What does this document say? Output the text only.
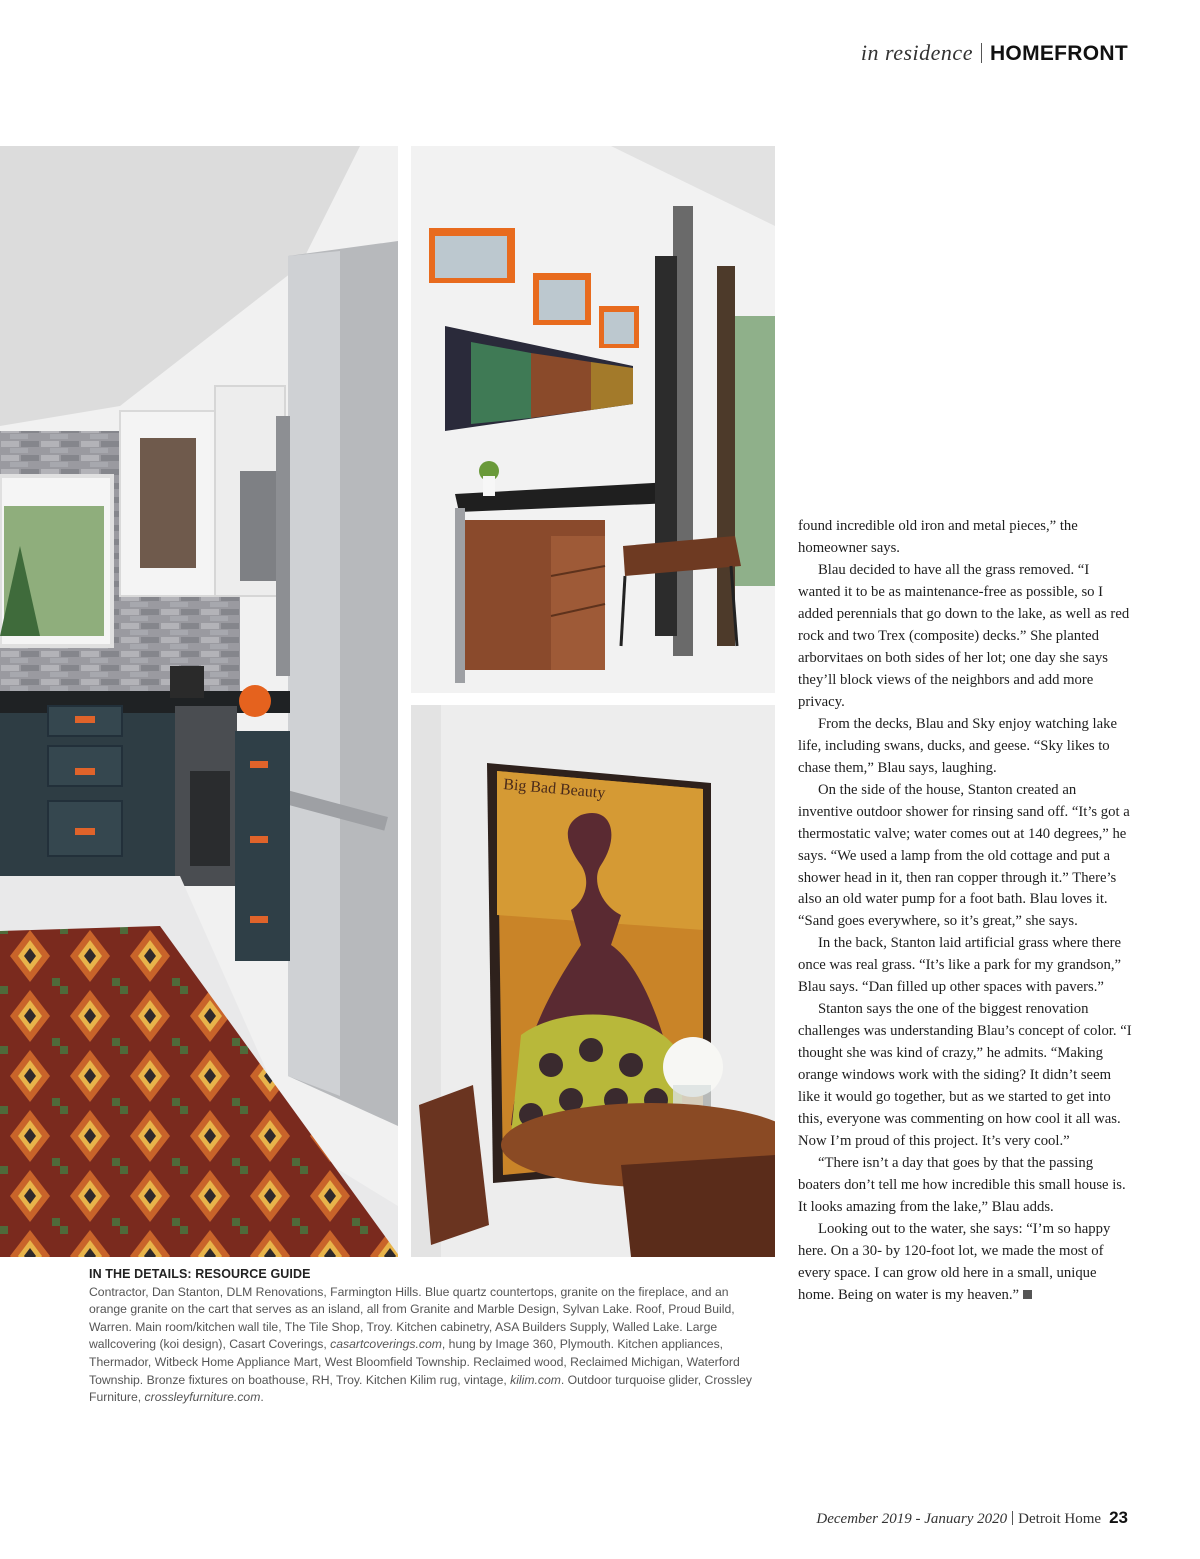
in residence HOMEFRONT
Big Bad Beauty
IN THE DETAILS: RESOURCE GUIDE
Contractor, Dan Stanton, DLM Renovations, Farmington Hills. Blue quartz countertops, granite on the fireplace, and an orange granite on the cart that serves as an island, all from Granite and Marble Design, Sylvan Lake. Roof, Proud Build, Warren. Main room/kitchen wall tile, The Tile Shop, Troy. Kitchen cabinetry, ASA Builders Supply, Walled Lake. Large wallcovering (koi design), Casart Coverings, casartcoverings.com, hung by Image 360, Plymouth. Kitchen appliances, Thermador, Witbeck Home Appliance Mart, West Bloomfield Township. Reclaimed wood, Reclaimed Michigan, Waterford Township. Bronze fixtures on boathouse, RH, Troy. Kitchen Kilim rug, vintage, kilim.com. Outdoor turquoise glider, Crossley Furniture, crossleyfurniture.com.

found incredible old iron and metal pieces,” the homeowner says.

Blau decided to have all the grass removed. “I wanted it to be as maintenance-free as possible, so I added perennials that go down to the lake, as well as red rock and two Trex (composite) decks.” She planted arborvitaes on both sides of her lot; one day she says they’ll block views of the neighbors and add more privacy.

From the decks, Blau and Sky enjoy watching lake life, including swans, ducks, and geese. “Sky likes to chase them,” Blau says, laughing.

On the side of the house, Stanton created an inventive outdoor shower for rinsing sand off. “It’s got a thermostatic valve; water comes out at 140 degrees,” he says. “We used a lamp from the old cottage and put a shower head in it, then ran copper through it.” There’s also an old water pump for a foot bath. Blau loves it. “Sand goes everywhere, so it’s great,” she says.

In the back, Stanton laid artificial grass where there once was real grass. “It’s like a park for my grandson,” Blau says. “Dan filled up other spaces with pavers.”

Stanton says the one of the biggest renovation challenges was understanding Blau’s concept of color. “I thought she was kind of crazy,” he admits. “Making orange windows work with the siding? It didn’t seem like it would go together, but as we started to get into this, everyone was commenting on how cool it all was. Now I’m proud of this project. It’s very cool.”

“There isn’t a day that goes by that the passing boaters don’t tell me how incredible this small house is. It looks amazing from the lake,” Blau adds.

Looking out to the water, she says: “I’m so happy here. On a 30- by 120-foot lot, we made the most of every space. I can grow old here in a small, unique home. Being on water is my heaven.”

December 2019 - January 2020 Detroit Home 23
